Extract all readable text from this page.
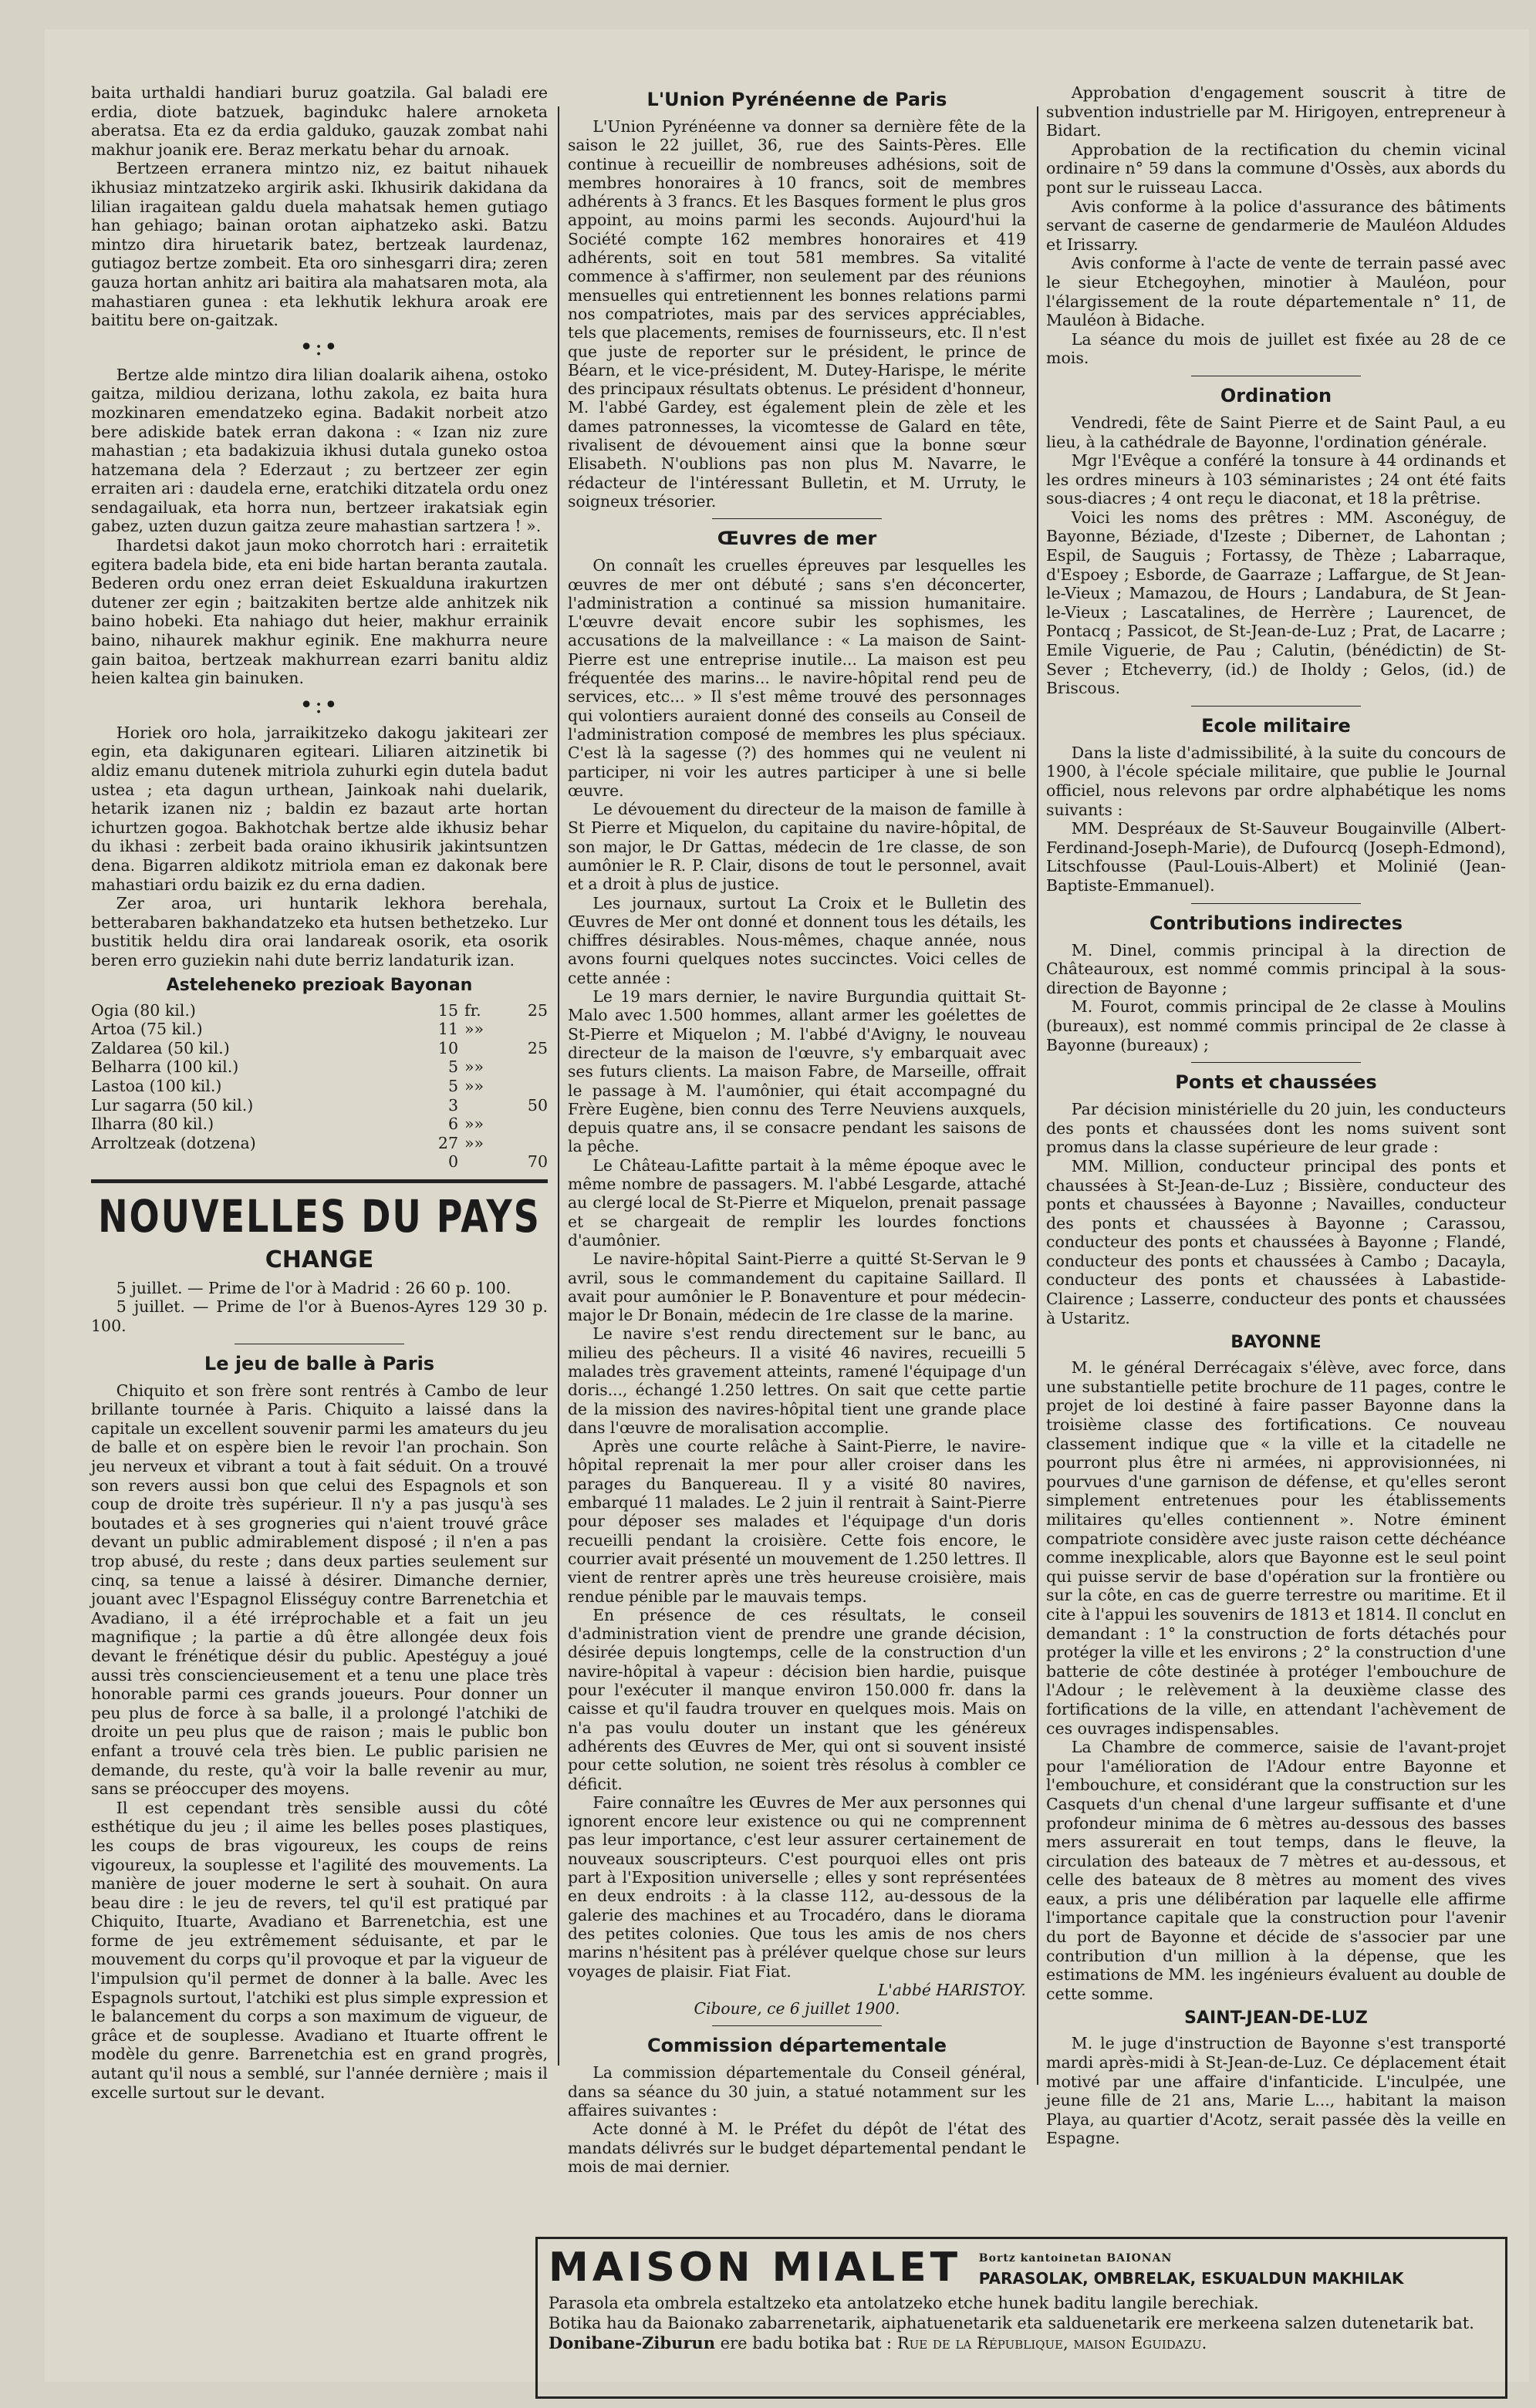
baita urthaldi handiari buruz goatzila. Gal baladi ere erdia, diote batzuek, bagindukc halere arnoketa aberatsa. Eta ez da erdia galduko, gauzak zombat nahi makhur joanik ere. Beraz merkatu behar du arnoak.

Bertzeen erranera mintzo niz, ez baitut nihauek ikhusiaz mintzatzeko argirik aski. Ikhusirik dakidana da lilian iragaitean galdu duela mahatsak hemen gutiago han gehiago; bainan orotan aiphatzeko aski. Batzu mintzo dira hiruetarik batez, bertzeak laurdenaz, gutiagoz bertze zombeit. Eta oro sinhesgarri dira; zeren gauza hortan anhitz ari baitira ala mahatsaren mota, ala mahastiaren gunea : eta lekhutik lekhura aroak ere baititu bere on-gaitzak.

•:•

Bertze alde mintzo dira lilian doalarik aihena, ostoko gaitza, mildiou derizana, lothu zakola, ez baita hura mozkinaren emendatzeko egina. Badakit norbeit atzo bere adiskide batek erran dakona : « Izan niz zure mahastian ; eta badakizuia ikhusi dutala guneko ostoa hatzemana dela ? Ederzaut ; zu bertzeer zer egin erraiten ari : daudela erne, eratchiki ditzatela ordu onez sendagailuak, eta horra nun, bertzeer irakatsiak egin gabez, uzten duzun gaitza zeure mahastian sartzera ! ».

Ihardetsi dakot jaun moko chorrotch hari : erraitetik egitera badela bide, eta eni bide hartan beranta zautala. Bederen ordu onez erran deiet Eskualduna irakurtzen dutener zer egin ; baitzakiten bertze alde anhitzek nik baino hobeki. Eta nahiago dut heier, makhur errainik baino, nihaurek makhur eginik. Ene makhurra neure gain baitoa, bertzeak makhurrean ezarri banitu aldiz heien kaltea gin bainuken.

•:•

Horiek oro hola, jarraikitzeko dakogu jakiteari zer egin, eta dakigunaren egiteari. Liliaren aitzinetik bi aldiz emanu dutenek mitriola zuhurki egin dutela badut ustea ; eta dagun urthean, Jainkoak nahi duelarik, hetarik izanen niz ; baldin ez bazaut arte hortan ichurtzen gogoa. Bakhotchak bertze alde ikhusiz behar du ikhasi : zerbeit bada oraino ikhusirik jakintsuntzen dena. Bigarren aldikotz mitriola eman ez dakonak bere mahastiari ordu baizik ez du erna dadien.

Zer aroa, uri huntarik lekhora berehala, betterabaren bakhandatzeko eta hutsen bethetzeko. Lur bustitik heldu dira orai landareak osorik, eta osorik beren erro guziekin nahi dute berriz landaturik izan.

Asteleheneko prezioak Bayonan
Ogia (80 kil.)	15	fr.	25
Artoa (75 kil.)	11	»»	
Zaldarea (50 kil.)	10		25
Belharra (100 kil.)	5	»»	
Lastoa (100 kil.)	5	»»	
Lur sagarra (50 kil.)	3		50
Ilharra (80 kil.)	6	»»	
Arroltzeak (dotzena)	27	»»	
	0		70
NOUVELLES DU PAYS
CHANGE

5 juillet. — Prime de l'or à Madrid : 26 60 p. 100.

5 juillet. — Prime de l'or à Buenos-Ayres 129 30 p. 100.

Le jeu de balle à Paris

Chiquito et son frère sont rentrés à Cambo de leur brillante tournée à Paris. Chiquito a laissé dans la capitale un excellent souvenir parmi les amateurs du jeu de balle et on espère bien le revoir l'an prochain. Son jeu nerveux et vibrant a tout à fait séduit. On a trouvé son revers aussi bon que celui des Espagnols et son coup de droite très supérieur. Il n'y a pas jusqu'à ses boutades et à ses grogneries qui n'aient trouvé grâce devant un public admirablement disposé ; il n'en a pas trop abusé, du reste ; dans deux parties seulement sur cinq, sa tenue a laissé à désirer. Dimanche dernier, jouant avec l'Espagnol Elisséguy contre Barrenetchia et Avadiano, il a été irréprochable et a fait un jeu magnifique ; la partie a dû être allongée deux fois devant le frénétique désir du public. Apestéguy a joué aussi très consciencieusement et a tenu une place très honorable parmi ces grands joueurs. Pour donner un peu plus de force à sa balle, il a prolongé l'atchiki de droite un peu plus que de raison ; mais le public bon enfant a trouvé cela très bien. Le public parisien ne demande, du reste, qu'à voir la balle revenir au mur, sans se préoccuper des moyens.

Il est cependant très sensible aussi du côté esthétique du jeu ; il aime les belles poses plastiques, les coups de bras vigoureux, les coups de reins vigoureux, la souplesse et l'agilité des mouvements. La manière de jouer moderne le sert à souhait. On aura beau dire : le jeu de revers, tel qu'il est pratiqué par Chiquito, Ituarte, Avadiano et Barrenetchia, est une forme de jeu extrêmement séduisante, et par le mouvement du corps qu'il provoque et par la vigueur de l'impulsion qu'il permet de donner à la balle. Avec les Espagnols surtout, l'atchiki est plus simple expression et le balancement du corps a son maximum de vigueur, de grâce et de souplesse. Avadiano et Ituarte offrent le modèle du genre. Barrenetchia est en grand progrès, autant qu'il nous a semblé, sur l'année dernière ; mais il excelle surtout sur le devant.

L'Union Pyrénéenne de Paris

L'Union Pyrénéenne va donner sa dernière fête de la saison le 22 juillet, 36, rue des Saints-Pères. Elle continue à recueillir de nombreuses adhésions, soit de membres honoraires à 10 francs, soit de membres adhérents à 3 francs. Et les Basques forment le plus gros appoint, au moins parmi les seconds. Aujourd'hui la Société compte 162 membres honoraires et 419 adhérents, soit en tout 581 membres. Sa vitalité commence à s'affirmer, non seulement par des réunions mensuelles qui entretiennent les bonnes relations parmi nos compatriotes, mais par des services appréciables, tels que placements, remises de fournisseurs, etc. Il n'est que juste de reporter sur le président, le prince de Béarn, et le vice-président, M. Dutey-Harispe, le mérite des principaux résultats obtenus. Le président d'honneur, M. l'abbé Gardey, est également plein de zèle et les dames patronnesses, la vicomtesse de Galard en tête, rivalisent de dévouement ainsi que la bonne sœur Elisabeth. N'oublions pas non plus M. Navarre, le rédacteur de l'intéressant Bulletin, et M. Urruty, le soigneux trésorier.

Œuvres de mer

On connaît les cruelles épreuves par lesquelles les œuvres de mer ont débuté ; sans s'en déconcerter, l'administration a continué sa mission humanitaire. L'œuvre devait encore subir les sophismes, les accusations de la malveillance : « La maison de Saint-Pierre est une entreprise inutile... La maison est peu fréquentée des marins... le navire-hôpital rend peu de services, etc... » Il s'est même trouvé des personnages qui volontiers auraient donné des conseils au Conseil de l'administration composé de membres les plus spéciaux. C'est là la sagesse (?) des hommes qui ne veulent ni participer, ni voir les autres participer à une si belle œuvre.

Le dévouement du directeur de la maison de famille à St Pierre et Miquelon, du capitaine du navire-hôpital, de son major, le Dr Gattas, médecin de 1re classe, de son aumônier le R. P. Clair, disons de tout le personnel, avait et a droit à plus de justice.

Les journaux, surtout La Croix et le Bulletin des Œuvres de Mer ont donné et donnent tous les détails, les chiffres désirables. Nous-mêmes, chaque année, nous avons fourni quelques notes succinctes. Voici celles de cette année :

Le 19 mars dernier, le navire Burgundia quittait St-Malo avec 1.500 hommes, allant armer les goélettes de St-Pierre et Miquelon ; M. l'abbé d'Avigny, le nouveau directeur de la maison de l'œuvre, s'y embarquait avec ses futurs clients. La maison Fabre, de Marseille, offrait le passage à M. l'aumônier, qui était accompagné du Frère Eugène, bien connu des Terre Neuviens auxquels, depuis quatre ans, il se consacre pendant les saisons de la pêche.

Le Château-Lafitte partait à la même époque avec le même nombre de passagers. M. l'abbé Lesgarde, attaché au clergé local de St-Pierre et Miquelon, prenait passage et se chargeait de remplir les lourdes fonctions d'aumônier.

Le navire-hôpital Saint-Pierre a quitté St-Servan le 9 avril, sous le commandement du capitaine Saillard. Il avait pour aumônier le P. Bonaventure et pour médecin-major le Dr Bonain, médecin de 1re classe de la marine.

Le navire s'est rendu directement sur le banc, au milieu des pêcheurs. Il a visité 46 navires, recueilli 5 malades très gravement atteints, ramené l'équipage d'un doris..., échangé 1.250 lettres. On sait que cette partie de la mission des navires-hôpital tient une grande place dans l'œuvre de moralisation accomplie.

Après une courte relâche à Saint-Pierre, le navire-hôpital reprenait la mer pour aller croiser dans les parages du Banquereau. Il y a visité 80 navires, embarqué 11 malades. Le 2 juin il rentrait à Saint-Pierre pour déposer ses malades et l'équipage d'un doris recueilli pendant la croisière. Cette fois encore, le courrier avait présenté un mouvement de 1.250 lettres. Il vient de rentrer après une très heureuse croisière, mais rendue pénible par le mauvais temps.

En présence de ces résultats, le conseil d'administration vient de prendre une grande décision, désirée depuis longtemps, celle de la construction d'un navire-hôpital à vapeur : décision bien hardie, puisque pour l'exécuter il manque environ 150.000 fr. dans la caisse et qu'il faudra trouver en quelques mois. Mais on n'a pas voulu douter un instant que les généreux adhérents des Œuvres de Mer, qui ont si souvent insisté pour cette solution, ne soient très résolus à combler ce déficit.

Faire connaître les Œuvres de Mer aux personnes qui ignorent encore leur existence ou qui ne comprennent pas leur importance, c'est leur assurer certainement de nouveaux souscripteurs. C'est pourquoi elles ont pris part à l'Exposition universelle ; elles y sont représentées en deux endroits : à la classe 112, au-dessous de la galerie des machines et au Trocadéro, dans le diorama des petites colonies. Que tous les amis de nos chers marins n'hésitent pas à préléver quelque chose sur leurs voyages de plaisir. Fiat Fiat.

L'abbé HARISTOY.
Ciboure, ce 6 juillet 1900.
Commission départementale

La commission départementale du Conseil général, dans sa séance du 30 juin, a statué notamment sur les affaires suivantes :

Acte donné à M. le Préfet du dépôt de l'état des mandats délivrés sur le budget départemental pendant le mois de mai dernier.

Approbation d'engagement souscrit à titre de subvention industrielle par M. Hirigoyen, entrepreneur à Bidart.

Approbation de la rectification du chemin vicinal ordinaire n° 59 dans la commune d'Ossès, aux abords du pont sur le ruisseau Lacca.

Avis conforme à la police d'assurance des bâtiments servant de caserne de gendarmerie de Mauléon Aldudes et Irissarry.

Avis conforme à l'acte de vente de terrain passé avec le sieur Etchegoyhen, minotier à Mauléon, pour l'élargissement de la route départementale n° 11, de Mauléon à Bidache.

La séance du mois de juillet est fixée au 28 de ce mois.

Ordination

Vendredi, fête de Saint Pierre et de Saint Paul, a eu lieu, à la cathédrale de Bayonne, l'ordination générale.

Mgr l'Evêque a conféré la tonsure à 44 ordinands et les ordres mineurs à 103 séminaristes ; 24 ont été faits sous-diacres ; 4 ont reçu le diaconat, et 18 la prêtrise.

Voici les noms des prêtres : MM. Asconéguy, de Bayonne, Béziade, d'Izeste ; Diberneт, de Lahontan ; Espil, de Sauguis ; Fortassy, de Thèze ; Labarraque, d'Espoey ; Esborde, de Gaarraze ; Laffargue, de St Jean-le-Vieux ; Mamazou, de Hours ; Landabura, de St Jean-le-Vieux ; Lascatalines, de Herrère ; Laurencet, de Pontacq ; Passicot, de St-Jean-de-Luz ; Prat, de Lacarre ; Emile Viguerie, de Pau ; Calutin, (bénédictin) de St-Sever ; Etcheverry, (id.) de Iholdy ; Gelos, (id.) de Briscous.

Ecole militaire

Dans la liste d'admissibilité, à la suite du concours de 1900, à l'école spéciale militaire, que publie le Journal officiel, nous relevons par ordre alphabétique les noms suivants :

MM. Despréaux de St-Sauveur Bougainville (Albert-Ferdinand-Joseph-Marie), de Dufourcq (Joseph-Edmond), Litschfousse (Paul-Louis-Albert) et Molinié (Jean-Baptiste-Emmanuel).

Contributions indirectes

M. Dinel, commis principal à la direction de Châteauroux, est nommé commis principal à la sous-direction de Bayonne ;

M. Fourot, commis principal de 2e classe à Moulins (bureaux), est nommé commis principal de 2e classe à Bayonne (bureaux) ;

Ponts et chaussées

Par décision ministérielle du 20 juin, les conducteurs des ponts et chaussées dont les noms suivent sont promus dans la classe supérieure de leur grade :

MM. Million, conducteur principal des ponts et chaussées à St-Jean-de-Luz ; Bissière, conducteur des ponts et chaussées à Bayonne ; Navailles, conducteur des ponts et chaussées à Bayonne ; Carassou, conducteur des ponts et chaussées à Bayonne ; Flandé, conducteur des ponts et chaussées à Cambo ; Dacayla, conducteur des ponts et chaussées à Labastide-Clairence ; Lasserre, conducteur des ponts et chaussées à Ustaritz.

BAYONNE

M. le général Derrécagaix s'élève, avec force, dans une substantielle petite brochure de 11 pages, contre le projet de loi destiné à faire passer Bayonne dans la troisième classe des fortifications. Ce nouveau classement indique que « la ville et la citadelle ne pourront plus être ni armées, ni approvisionnées, ni pourvues d'une garnison de défense, et qu'elles seront simplement entretenues pour les établissements militaires qu'elles contiennent ». Notre éminent compatriote considère avec juste raison cette déchéance comme inexplicable, alors que Bayonne est le seul point qui puisse servir de base d'opération sur la frontière ou sur la côte, en cas de guerre terrestre ou maritime. Et il cite à l'appui les souvenirs de 1813 et 1814. Il conclut en demandant : 1° la construction de forts détachés pour protéger la ville et les environs ; 2° la construction d'une batterie de côte destinée à protéger l'embouchure de l'Adour ; le relèvement à la deuxième classe des fortifications de la ville, en attendant l'achèvement de ces ouvrages indispensables.

La Chambre de commerce, saisie de l'avant-projet pour l'amélioration de l'Adour entre Bayonne et l'embouchure, et considérant que la construction sur les Casquets d'un chenal d'une largeur suffisante et d'une profondeur minima de 6 mètres au-dessous des basses mers assurerait en tout temps, dans le fleuve, la circulation des bateaux de 7 mètres et au-dessous, et celle des bateaux de 8 mètres au moment des vives eaux, a pris une délibération par laquelle elle affirme l'importance capitale que la construction pour l'avenir du port de Bayonne et décide de s'associer par une contribution d'un million à la dépense, que les estimations de MM. les ingénieurs évaluent au double de cette somme.

SAINT-JEAN-DE-LUZ

M. le juge d'instruction de Bayonne s'est transporté mardi après-midi à St-Jean-de-Luz. Ce déplacement était motivé par une affaire d'infanticide. L'inculpée, une jeune fille de 21 ans, Marie L..., habitant la maison Playa, au quartier d'Acotz, serait passée dès la veille en Espagne.

MAISON MIALET Bortz kantoinetan BAIONAN
PARASOLAK, OMBRELAK, ESKUALDUN MAKHILAK
Parasola eta ombrela estaltzeko eta antolatzeko etche hunek baditu langile berechiak.
Botika hau da Baionako zabarrenetarik, aiphatuenetarik eta salduenetarik ere merkeena salzen dutenetarik bat.
Donibane-Ziburun ere badu botika bat : Rue de la République, maison Eguidazu.
